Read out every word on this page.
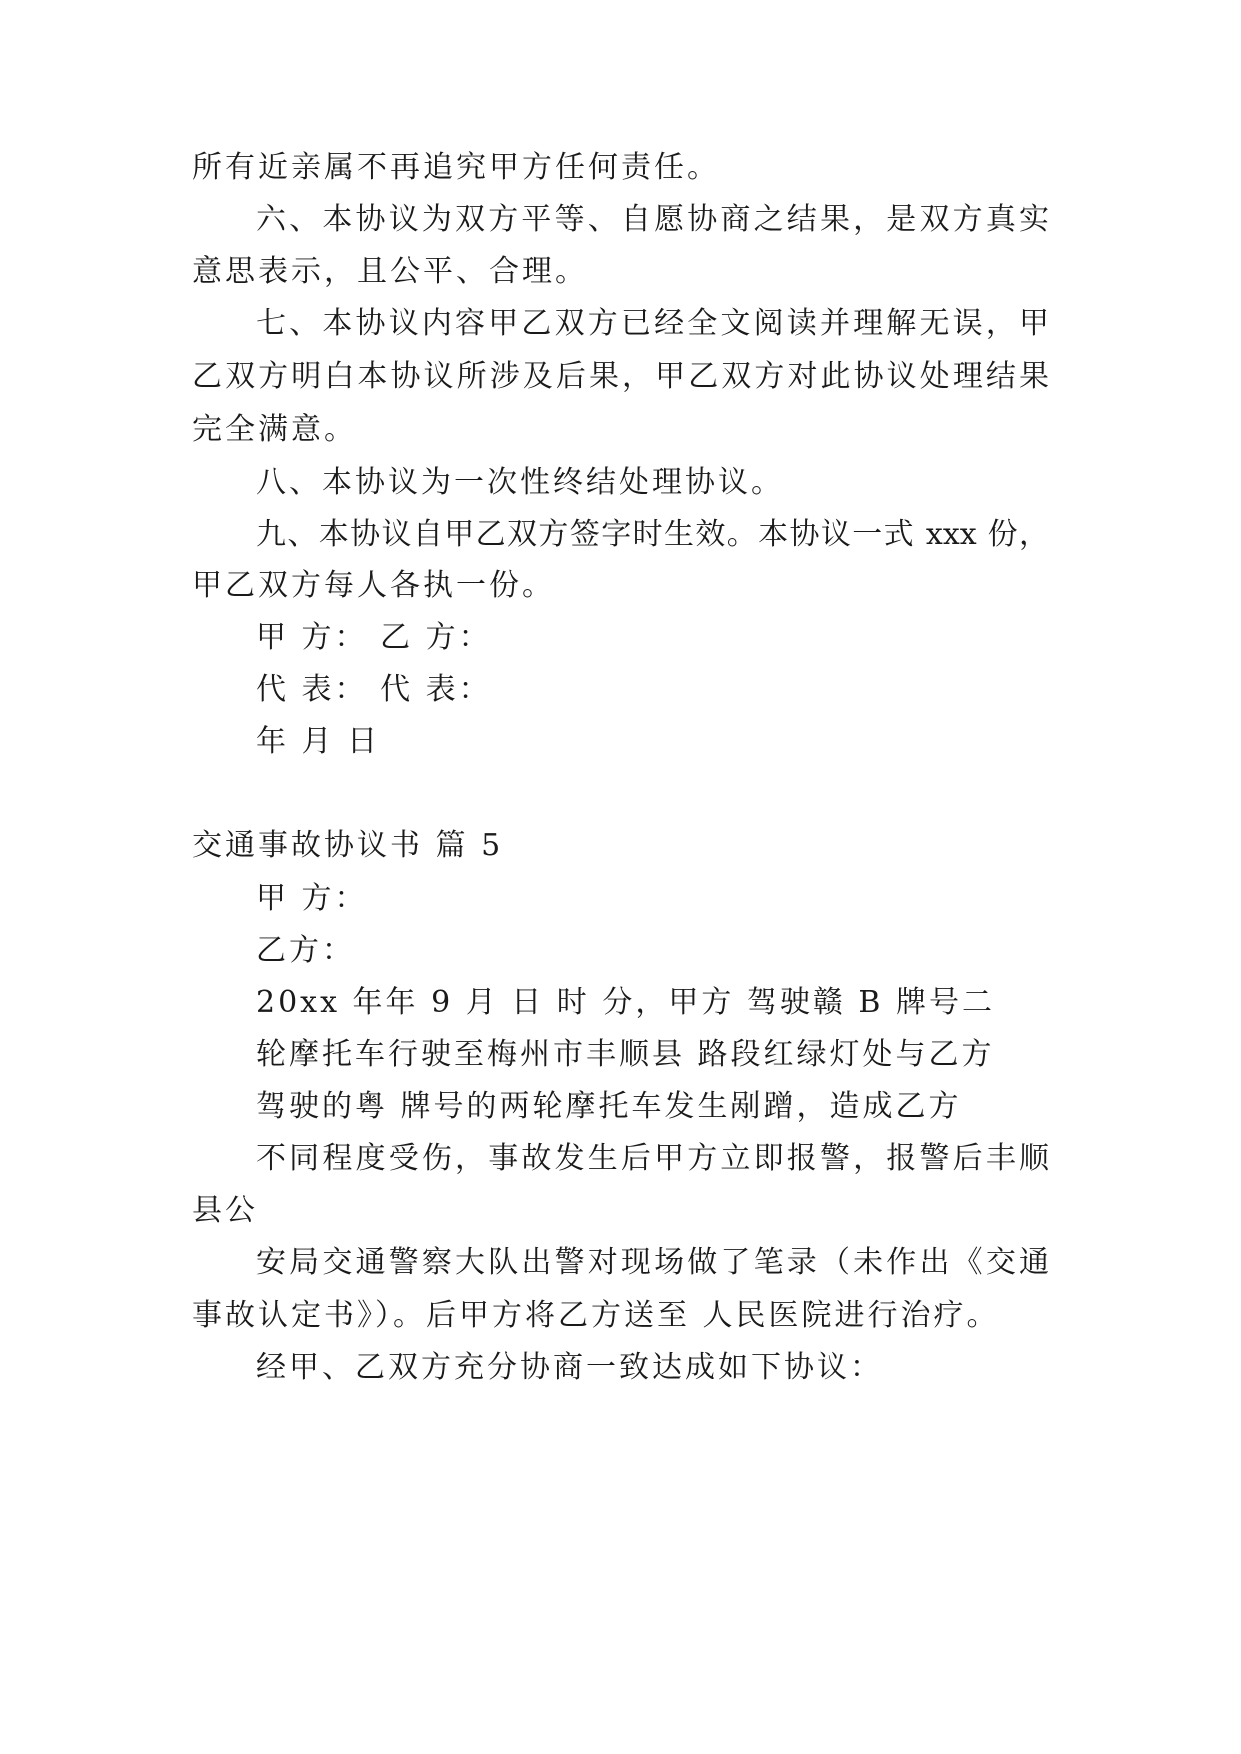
所有近亲属不再追究甲方任何责任。

六、本协议为双方平等、自愿协商之结果，是双方真实

意思表示，且公平、合理。

七、本协议内容甲乙双方已经全文阅读并理解无误，甲

乙双方明白本协议所涉及后果，甲乙双方对此协议处理结果

完全满意。

八、本协议为一次性终结处理协议。

九、本协议自甲乙双方签字时生效。本协议一式 xxx 份，

甲乙双方每人各执一份。

甲 方： 乙 方：

代 表： 代 表：

年 月 日

交通事故协议书 篇 5

甲 方：

乙方：

20xx 年年 9 月 日 时 分，甲方 驾驶赣 B 牌号二

轮摩托车行驶至梅州市丰顺县 路段红绿灯处与乙方

驾驶的粤 牌号的两轮摩托车发生剐蹭，造成乙方

不同程度受伤，事故发生后甲方立即报警，报警后丰顺

县公

安局交通警察大队出警对现场做了笔录（未作出《交通

事故认定书》）。后甲方将乙方送至 人民医院进行治疗。

经甲、乙双方充分协商一致达成如下协议：
